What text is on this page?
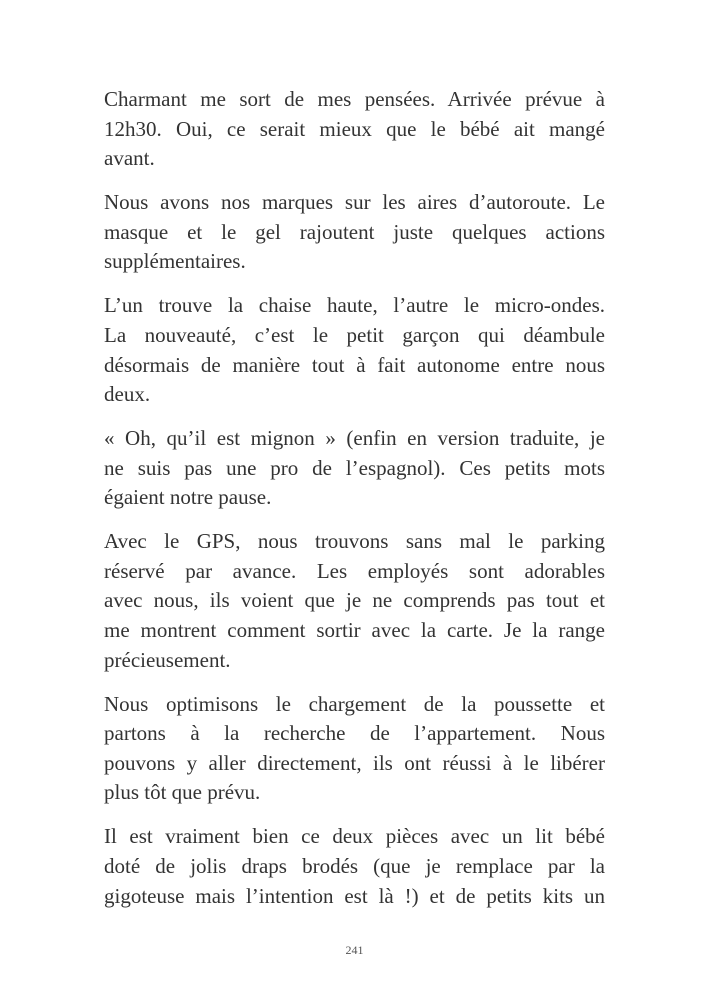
Charmant me sort de mes pensées. Arrivée prévue à
12h30. Oui, ce serait mieux que le bébé ait mangé
avant.

Nous avons nos marques sur les aires d’autoroute. Le
masque et le gel rajoutent juste quelques actions
supplémentaires.

L’un trouve la chaise haute, l’autre le micro-ondes.
La nouveauté, c’est le petit garçon qui déambule
désormais de manière tout à fait autonome entre nous
deux.

« Oh, qu’il est mignon » (enfin en version traduite, je
ne suis pas une pro de l’espagnol). Ces petits mots
égaient notre pause.

Avec le GPS, nous trouvons sans mal le parking
réservé par avance. Les employés sont adorables
avec nous, ils voient que je ne comprends pas tout et
me montrent comment sortir avec la carte. Je la range
précieusement.

Nous optimisons le chargement de la poussette et
partons à la recherche de l’appartement. Nous
pouvons y aller directement, ils ont réussi à le libérer
plus tôt que prévu.

Il est vraiment bien ce deux pièces avec un lit bébé
doté de jolis draps brodés (que je remplace par la
gigoteuse mais l’intention est là !) et de petits kits un

241
